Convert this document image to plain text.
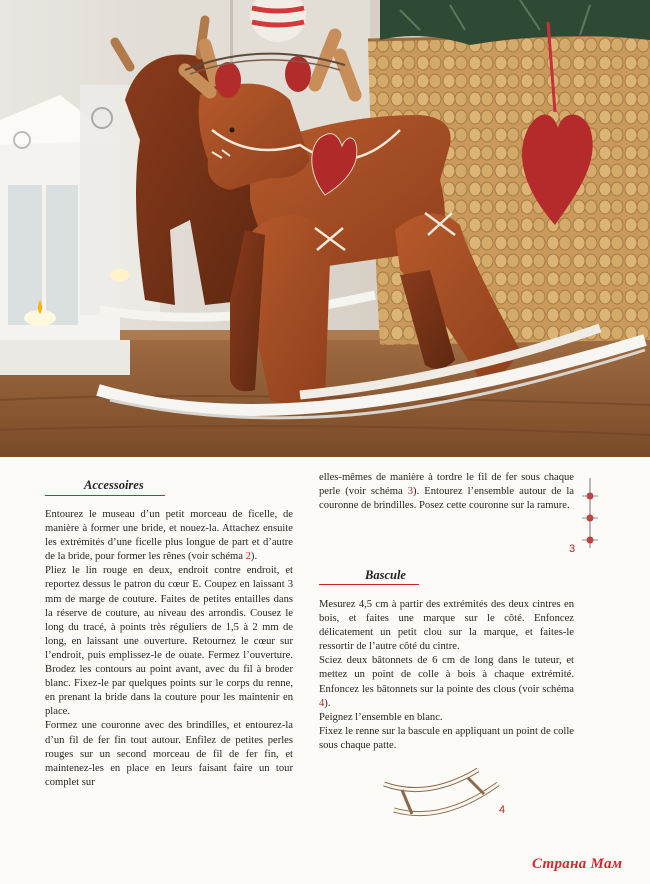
Accessoires

Entourez le museau d’un petit morceau de ficelle, de manière à former une bride, et nouez-la. Attachez ensuite les extrémités d’une ficelle plus longue de part et d’autre de la bride, pour former les rênes (voir schéma 2).

Pliez le lin rouge en deux, endroit contre endroit, et reportez dessus le patron du cœur E. Coupez en laissant 3 mm de marge de couture. Faites de petites entailles dans la réserve de couture, au niveau des arrondis. Cousez le long du tracé, à points très réguliers de 1,5 à 2 mm de long, en laissant une ouverture. Retournez le cœur sur l’endroit, puis emplissez-le de ouate. Fermez l’ouverture. Brodez les contours au point avant, avec du fil à broder blanc. Fixez-le par quelques points sur le corps du renne, en prenant la bride dans la couture pour les maintenir en place.

Formez une couronne avec des brindilles, et entourez-la d’un fil de fer fin tout autour. Enfilez de petites perles rouges sur un second morceau de fil de fer fin, et maintenez-les en place en leurs faisant faire un tour complet sur

elles-mêmes de manière à tordre le fil de fer sous chaque perle (voir schéma 3). Entourez l’ensemble autour de la couronne de brindilles. Posez cette couronne sur la ramure.

3
Bascule

Mesurez 4,5 cm à partir des extrémités des deux cintres en bois, et faites une marque sur le côté. Enfoncez délicatement un petit clou sur la marque, et faites-le ressortir de l’autre côté du cintre.

Sciez deux bâtonnets de 6 cm de long dans le tuteur, et mettez un point de colle à bois à chaque extrémité. Enfoncez les bâtonnets sur la pointe des clous (voir schéma 4).

Peignez l’ensemble en blanc.

Fixez le renne sur la bascule en appliquant un point de colle sous chaque patte.

4
Страна Мам
